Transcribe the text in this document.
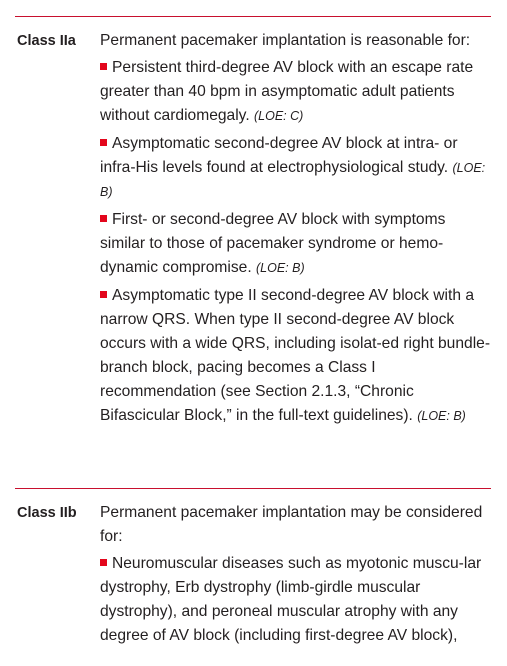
Class IIa Permanent pacemaker implantation is reasonable for:

Persistent third-degree AV block with an escape rate greater than 40 bpm in asymptomatic adult patients without cardiomegaly. (LOE: C)

Asymptomatic second-degree AV block at intra- or infra-His levels found at electrophysiological study. (LOE: B)

First- or second-degree AV block with symptoms similar to those of pacemaker syndrome or hemo-dynamic compromise. (LOE: B)

Asymptomatic type II second-degree AV block with a narrow QRS. When type II second-degree AV block occurs with a wide QRS, including isolat-ed right bundle-branch block, pacing becomes a Class I recommendation (see Section 2.1.3, “Chronic Bifascicular Block,” in the full-text guidelines). (LOE: B)

Class IIb Permanent pacemaker implantation may be considered for:

Neuromuscular diseases such as myotonic muscu-lar dystrophy, Erb dystrophy (limb-girdle muscular dystrophy), and peroneal muscular atrophy with any degree of AV block (including first-degree AV block),
